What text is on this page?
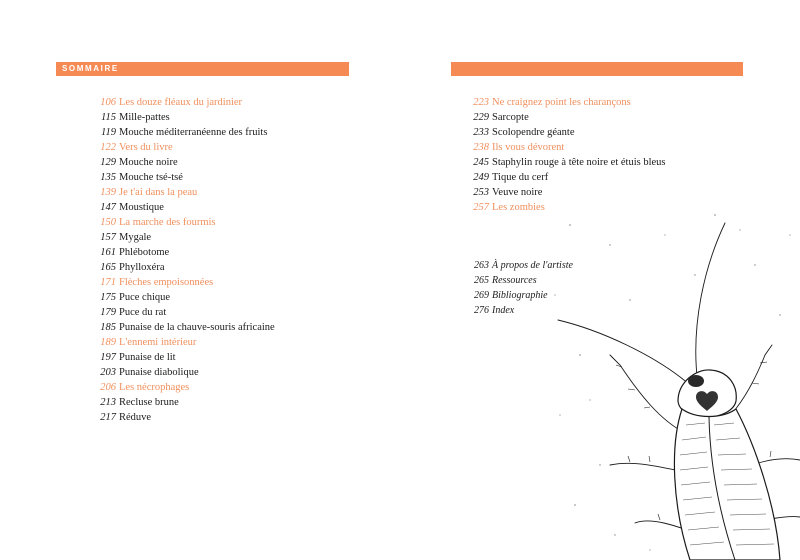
SOMMAIRE
106 Les douze fléaux du jardinier
115 Mille-pattes
119 Mouche méditerranéenne des fruits
122 Vers du livre
129 Mouche noire
135 Mouche tsé-tsé
139 Je t'ai dans la peau
147 Moustique
150 La marche des fourmis
157 Mygale
161 Phlébotome
165 Phylloxéra
171 Flèches empoisonnées
175 Puce chique
179 Puce du rat
185 Punaise de la chauve-souris africaine
189 L'ennemi intérieur
197 Punaise de lit
203 Punaise diabolique
206 Les nécrophages
213 Recluse brune
217 Réduve
223 Ne craignez point les charançons
229 Sarcopte
233 Scolopendre géante
238 Ils vous dévorent
245 Staphylin rouge à tête noire et étuis bleus
249 Tique du cerf
253 Veuve noire
257 Les zombies
263 À propos de l'artiste
265 Ressources
269 Bibliographie
276 Index
